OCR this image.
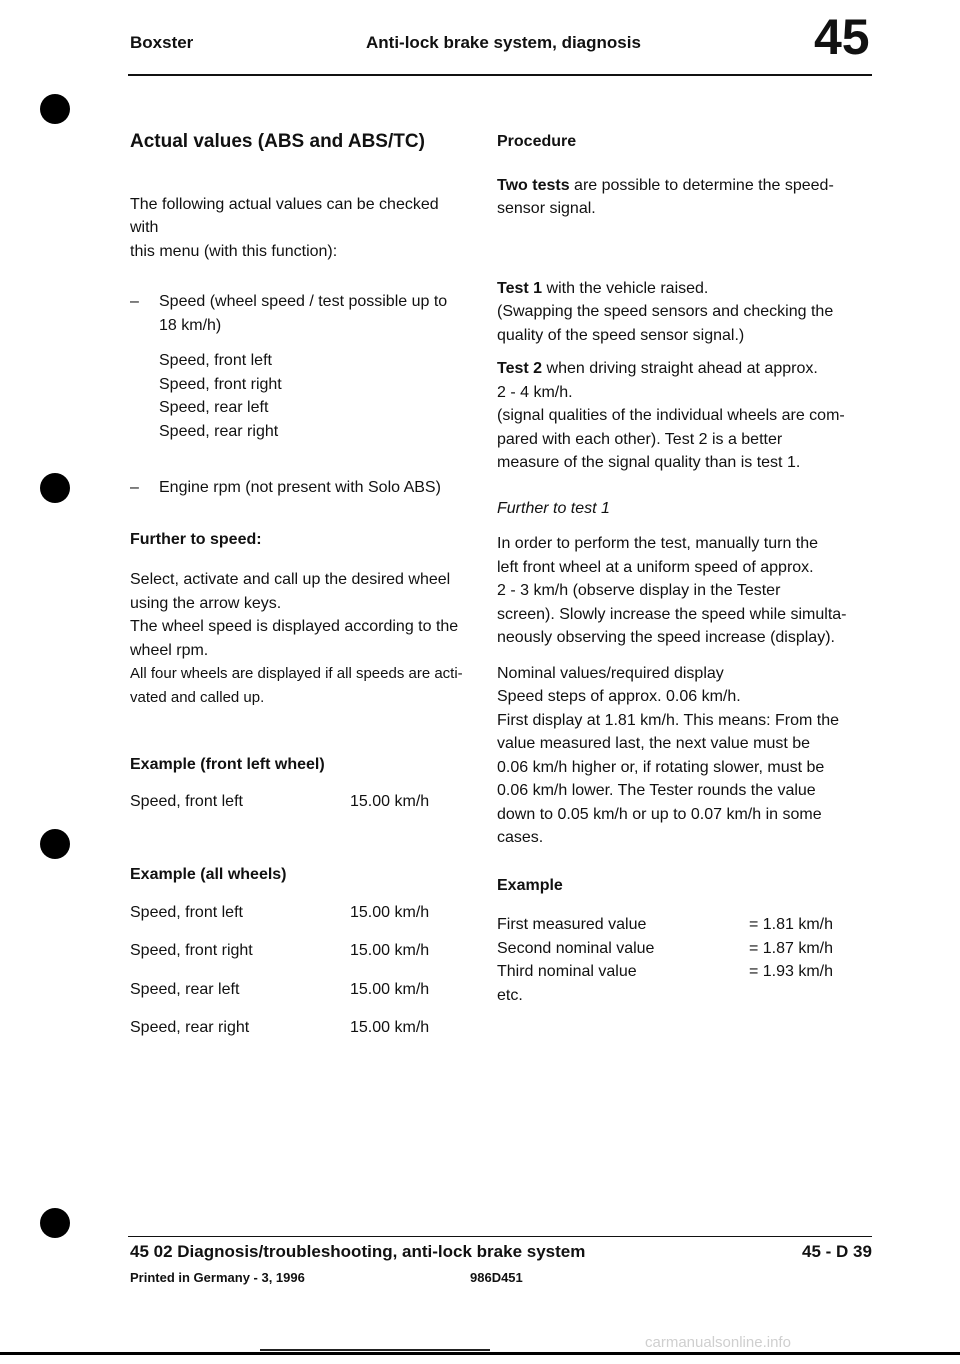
Boxster	Anti-lock brake system, diagnosis	45

Actual values (ABS and ABS/TC)

The following actual values can be checked with

this menu (with this function):

–	Speed (wheel speed / test possible up to

18 km/h)

Speed, front left

Speed, front right

Speed, rear left

Speed, rear right

–	Engine rpm (not present with Solo ABS)

Further to speed:

Select, activate and call up the desired wheel

using the arrow keys.

The wheel speed is displayed according to the

wheel rpm.

All four wheels are displayed if all speeds are acti-

vated and called up.

Example (front left wheel)

Speed, front left	15.00 km/h

Example (all wheels)

Speed, front left	15.00 km/h
Speed, front right	15.00 km/h
Speed, rear left	15.00 km/h
Speed, rear right	15.00 km/h

Procedure

Two tests are possible to determine the speed-

sensor signal.

Test 1 with the vehicle raised.

(Swapping the speed sensors and checking the

quality of the speed sensor signal.)

Test 2 when driving straight ahead at approx.

2 - 4 km/h.

(signal qualities of the individual wheels are com-

pared with each other). Test 2 is a better

measure of the signal quality than is test 1.

Further to test 1

In order to perform the test, manually turn the

left front wheel at a uniform speed of approx.

2 - 3 km/h (observe display in the Tester

screen). Slowly increase the speed while simulta-

neously observing the speed increase (display).

Nominal values/required display

Speed steps of approx. 0.06 km/h.

First display at 1.81 km/h. This means: From the

value measured last, the next value must be

0.06 km/h higher or, if rotating slower, must be

0.06 km/h lower. The Tester rounds the value

down to 0.05 km/h or up to 0.07 km/h in some

cases.

Example

First measured value	= 1.81 km/h
Second nominal value	= 1.87 km/h
Third nominal value	= 1.93 km/h

etc.

45 02 Diagnosis/troubleshooting, anti-lock brake system	45 - D 39
Printed in Germany - 3, 1996	986D451
carmanualsonline.info
